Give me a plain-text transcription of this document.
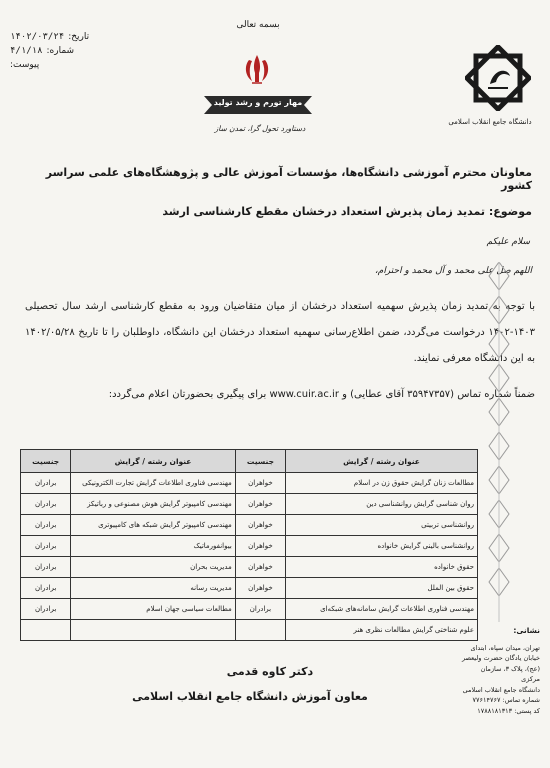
تاریخ:
۱۴۰۲/۰۳/۲۴
شماره:
۴/۱/۱۸
پیوست:
بسمه تعالی
مهار تورم و رشد تولید
دستاورد تحول گرا، تمدن ساز
دانشگاه جامع انقلاب اسلامی
معاونان محترم آموزشی دانشگاه‌ها، مؤسسات آموزش عالی و پژوهشگاه‌های علمی سراسر کشور
موضوع: تمدید زمان پذیرش استعداد درخشان مقطع کارشناسی ارشد
سلام علیکم
اللهم صل علی محمد و آل محمد و احترام،
با توجه به تمدید زمان پذیرش سهمیه استعداد درخشان از میان متقاضیان ورود به مقطع کارشناسی ارشد سال تحصیلی ۱۴۰۳-۱۴۰۲ درخواست می‌گردد، ضمن اطلاع‌رسانی سهمیه استعداد درخشان این دانشگاه، داوطلبان را تا تاریخ ۱۴۰۲/۰۵/۲۸ به این دانشگاه معرفی نمایند.
ضمناً شماره تماس (۳۵۹۴۷۳۵۷ آقای عطایی) و www.cuir.ac.ir برای پیگیری بحضورتان اعلام می‌گردد:
عنوان رشته / گرایش	جنسیت	عنوان رشته / گرایش	جنسیت
مطالعات زنان گرایش حقوق زن در اسلام	خواهران	مهندسی فناوری اطلاعات گرایش تجارت الکترونیکی	برادران
روان شناسی گرایش روانشناسی دین	خواهران	مهندسی کامپیوتر گرایش هوش مصنوعی و رباتیکز	برادران
روانشناسی تربیتی	خواهران	مهندسی کامپیوتر گرایش شبکه های کامپیوتری	برادران
روانشناسی بالینی گرایش خانواده	خواهران	بیوانفورماتیک	برادران
حقوق خانواده	خواهران	مدیریت بحران	برادران
حقوق بین الملل	خواهران	مدیریت رسانه	برادران
مهندسی فناوری اطلاعات گرایش سامانه‌های شبکه‌ای	برادران	مطالعات سیاسی جهان اسلام	برادران
علوم شناختی گرایش مطالعات نظری هنر			
دکتر کاوه قدمی
معاون آموزش دانشگاه جامع انقلاب اسلامی
نشانی:
تهران، میدان سپاه، ابتدای
خیابان یادگان حضرت ولیعصر
(عج)، پلاک ۳، سازمان مرکزی
دانشگاه جامع انقلاب اسلامی
شماره تماس: ۷۷۶۱۴۷۶۷
کد پستی: ۱۷۸۸۱۸۱۳۱۳
